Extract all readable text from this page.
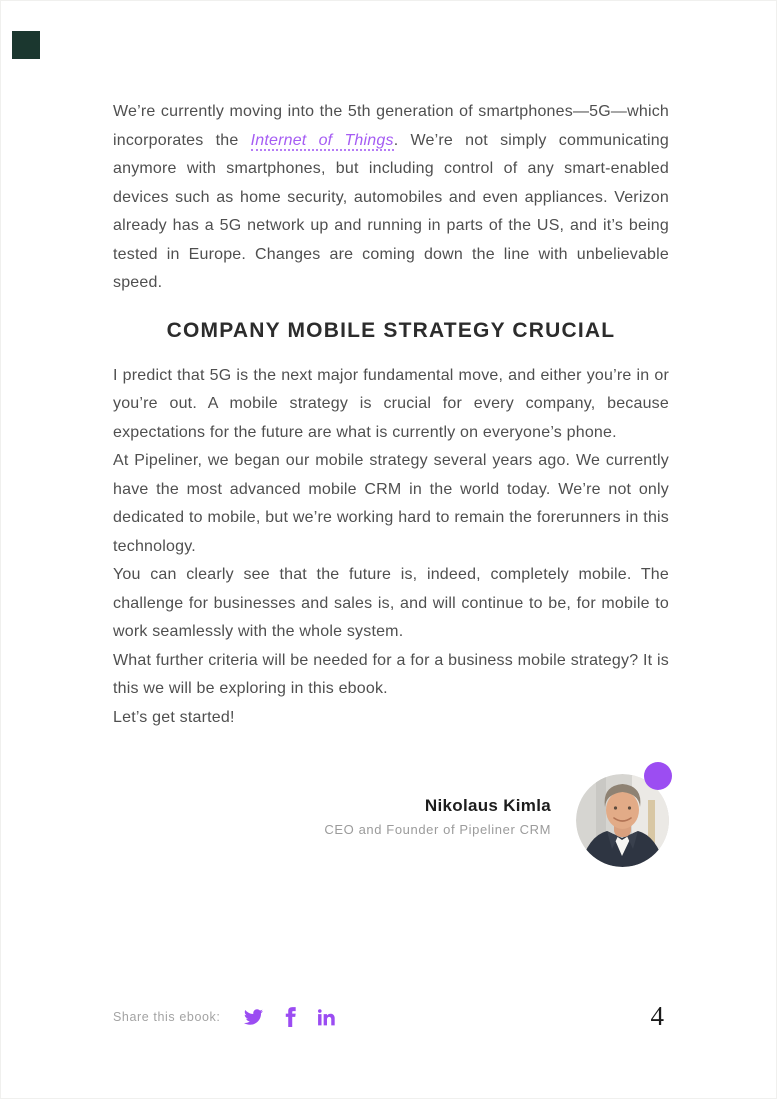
We’re currently moving into the 5th generation of smartphones—5G—which incorporates the Internet of Things. We’re not simply communicating anymore with smartphones, but including control of any smart-enabled devices such as home security, automobiles and even appliances. Verizon already has a 5G network up and running in parts of the US, and it’s being tested in Europe. Changes are coming down the line with unbelievable speed.

COMPANY MOBILE STRATEGY CRUCIAL

I predict that 5G is the next major fundamental move, and either you’re in or you’re out. A mobile strategy is crucial for every company, because expectations for the future are what is currently on everyone’s phone.

At Pipeliner, we began our mobile strategy several years ago. We currently have the most advanced mobile CRM in the world today. We’re not only dedicated to mobile, but we’re working hard to remain the forerunners in this technology.

You can clearly see that the future is, indeed, completely mobile. The challenge for businesses and sales is, and will continue to be, for mobile to work seamlessly with the whole system.

What further criteria will be needed for a for a business mobile strategy? It is this we will be exploring in this ebook.

Let’s get started!

Nikolaus Kimla
CEO and Founder of Pipeliner CRM
Share this ebook:	4
